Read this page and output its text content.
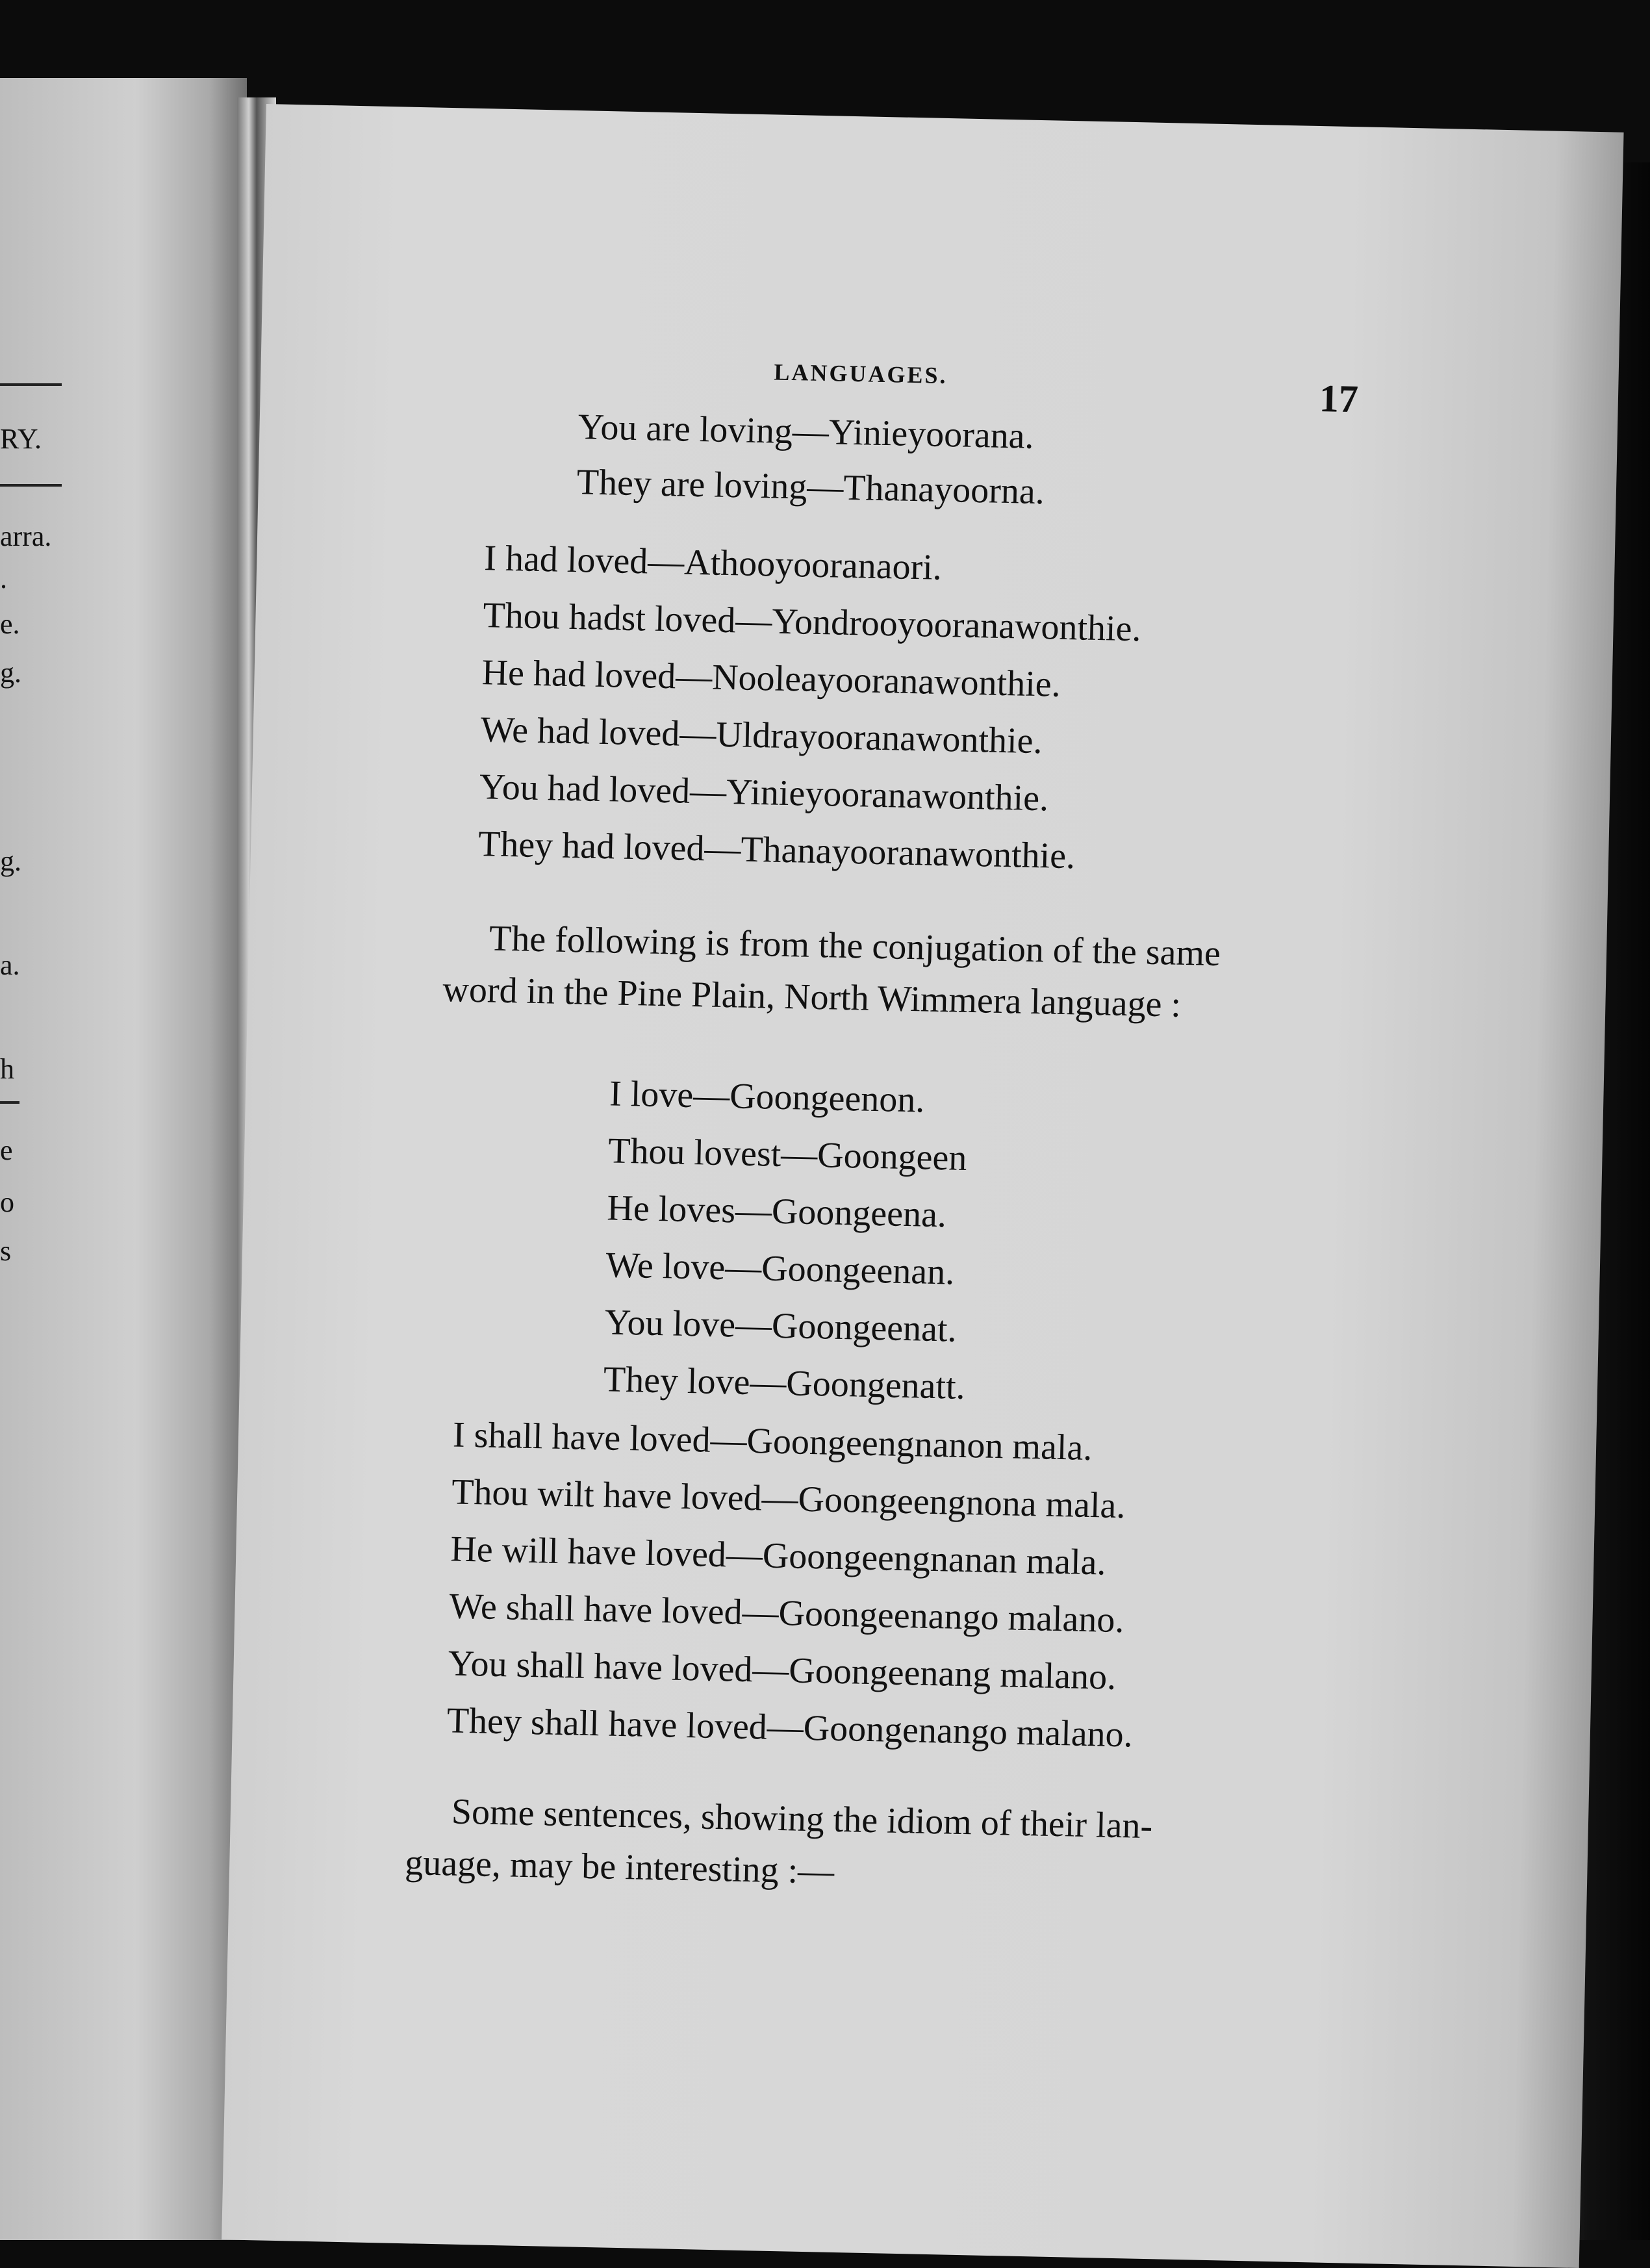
RY.
arra.
.
e.
g.
g.
a.
h
e
o
s
LANGUAGES.
17
You are loving—Yinieyoorana.
They are loving—Thanayoorna.
I had loved—Athooyooranaori.
Thou hadst loved—Yondrooyooranawonthie.
He had loved—Nooleayooranawonthie.
We had loved—Uldrayooranawonthie.
You had loved—Yinieyooranawonthie.
They had loved—Thanayooranawonthie.
The following is from the conjugation of the same
word in the Pine Plain, North Wimmera language :
I love—Goongeenon.
Thou lovest—Goongeen
He loves—Goongeena.
We love—Goongeenan.
You love—Goongeenat.
They love—Goongenatt.
I shall have loved—Goongeengnanon mala.
Thou wilt have loved—Goongeengnona mala.
He will have loved—Goongeengnanan mala.
We shall have loved—Goongeenango malano.
You shall have loved—Goongeenang malano.
They shall have loved—Goongenango malano.
Some sentences, showing the idiom of their lan-
guage, may be interesting :—
